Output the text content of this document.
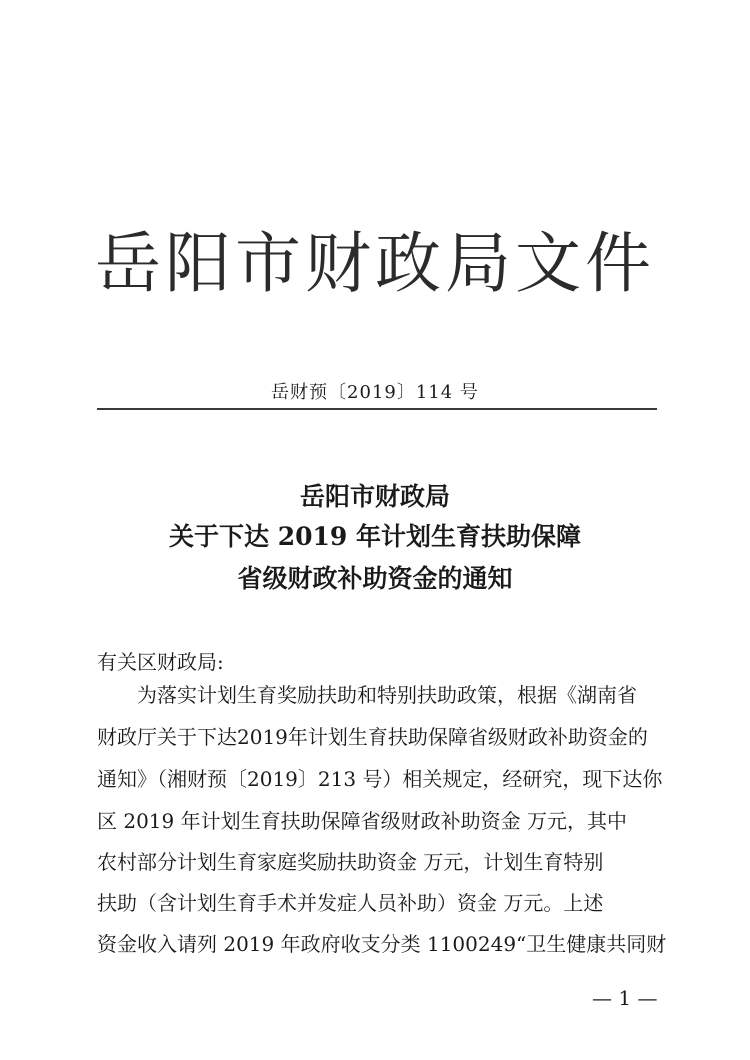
岳阳市财政局文件
岳财预〔2019〕114 号
岳阳市财政局
关于下达 2019 年计划生育扶助保障
省级财政补助资金的通知
有关区财政局:
为落实计划生育奖励扶助和特别扶助政策，根据《湖南省
财政厅关于下达2019年计划生育扶助保障省级财政补助资金的
通知》（湘财预〔2019〕213 号）相关规定，经研究，现下达你
区 2019 年计划生育扶助保障省级财政补助资金 万元，其中
农村部分计划生育家庭奖励扶助资金 万元，计划生育特别
扶助（含计划生育手术并发症人员补助）资金 万元。上述
资金收入请列 2019 年政府收支分类 1100249“卫生健康共同财
— 1 —
